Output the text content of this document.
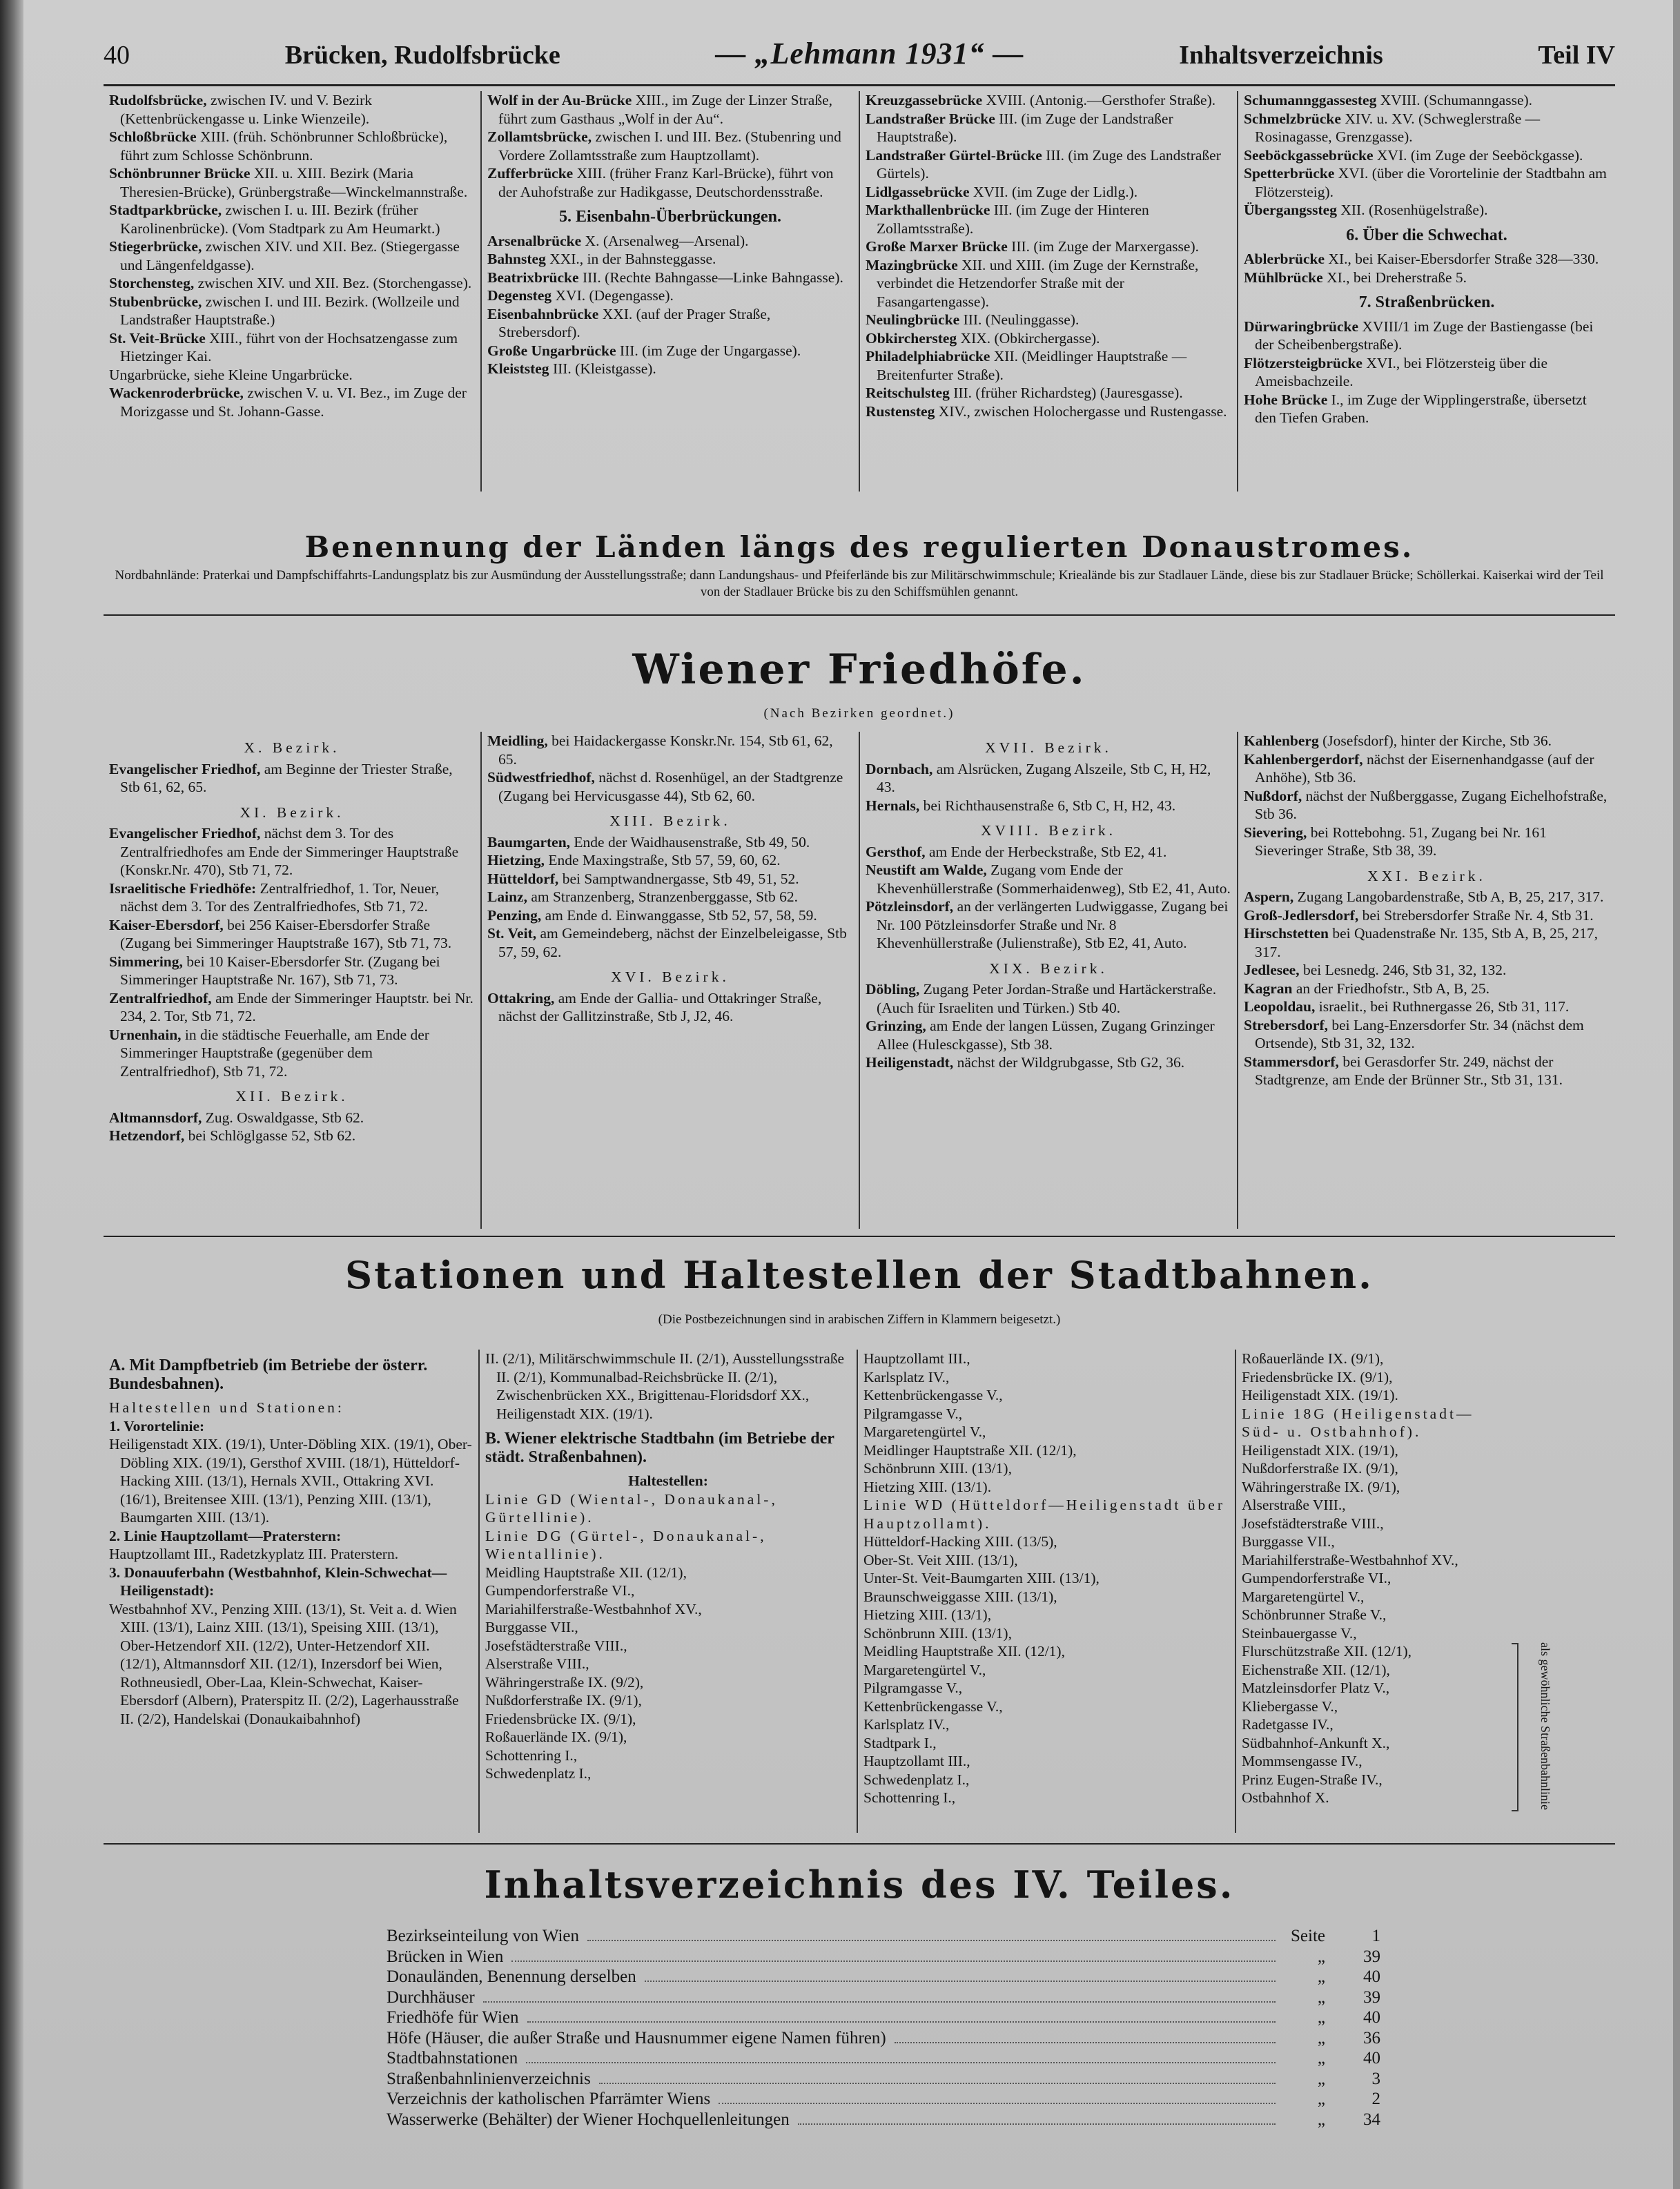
40	Brücken, Rudolfsbrücke	— „Lehmann 1931“ —	Inhaltsverzeichnis	Teil IV

Rudolfsbrücke, zwischen IV. und V. Bezirk (Kettenbrückengasse u. Linke Wienzeile).

Schloßbrücke XIII. (früh. Schönbrunner Schloßbrücke), führt zum Schlosse Schönbrunn.

Schönbrunner Brücke XII. u. XIII. Bezirk (Maria Theresien-Brücke), Grünbergstraße—Winckelmannstraße.

Stadtparkbrücke, zwischen I. u. III. Bezirk (früher Karolinenbrücke). (Vom Stadtpark zu Am Heumarkt.)

Stiegerbrücke, zwischen XIV. und XII. Bez. (Stiegergasse und Längenfeldgasse).

Storchensteg, zwischen XIV. und XII. Bez. (Storchengasse).

Stubenbrücke, zwischen I. und III. Bezirk. (Wollzeile und Landstraßer Hauptstraße.)

St. Veit-Brücke XIII., führt von der Hochsatzengasse zum Hietzinger Kai.

Ungarbrücke, siehe Kleine Ungarbrücke.

Wackenroderbrücke, zwischen V. u. VI. Bez., im Zuge der Morizgasse und St. Johann-Gasse.

Wolf in der Au-Brücke XIII., im Zuge der Linzer Straße, führt zum Gasthaus „Wolf in der Au“.

Zollamtsbrücke, zwischen I. und III. Bez. (Stubenring und Vordere Zollamtsstraße zum Hauptzollamt).

Zufferbrücke XIII. (früher Franz Karl-Brücke), führt von der Auhofstraße zur Hadikgasse, Deutschordensstraße.

5. Eisenbahn-Überbrückungen.

Arsenalbrücke X. (Arsenalweg—Arsenal).

Bahnsteg XXI., in der Bahnsteggasse.

Beatrixbrücke III. (Rechte Bahngasse—Linke Bahngasse).

Degensteg XVI. (Degengasse).

Eisenbahnbrücke XXI. (auf der Prager Straße, Strebersdorf).

Große Ungarbrücke III. (im Zuge der Ungargasse).

Kleiststeg III. (Kleistgasse).

Kreuzgassebrücke XVIII. (Antonig.—Gersthofer Straße).

Landstraßer Brücke III. (im Zuge der Landstraßer Hauptstraße).

Landstraßer Gürtel-Brücke III. (im Zuge des Landstraßer Gürtels).

Lidlgassebrücke XVII. (im Zuge der Lidlg.).

Markthallenbrücke III. (im Zuge der Hinteren Zollamtsstraße).

Große Marxer Brücke III. (im Zuge der Marxergasse).

Mazingbrücke XII. und XIII. (im Zuge der Kernstraße, verbindet die Hetzendorfer Straße mit der Fasangartengasse).

Neulingbrücke III. (Neulinggasse).

Obkirchersteg XIX. (Obkirchergasse).

Philadelphiabrücke XII. (Meidlinger Hauptstraße — Breitenfurter Straße).

Reitschulsteg III. (früher Richardsteg) (Jauresgasse).

Rustensteg XIV., zwischen Holochergasse und Rustengasse.

Schumannggassesteg XVIII. (Schumanngasse).

Schmelzbrücke XIV. u. XV. (Schweglerstraße —Rosinagasse, Grenzgasse).

Seeböckgassebrücke XVI. (im Zuge der Seeböckgasse).

Spetterbrücke XVI. (über die Vorortelinie der Stadtbahn am Flötzersteig).

Übergangssteg XII. (Rosenhügelstraße).

6. Über die Schwechat.

Ablerbrücke XI., bei Kaiser-Ebersdorfer Straße 328—330.

Mühlbrücke XI., bei Dreherstraße 5.

7. Straßenbrücken.

Dürwaringbrücke XVIII/1 im Zuge der Bastiengasse (bei der Scheibenbergstraße).

Flötzersteigbrücke XVI., bei Flötzersteig über die Ameisbachzeile.

Hohe Brücke I., im Zuge der Wipplingerstraße, übersetzt den Tiefen Graben.

Benennung der Länden längs des regulierten Donaustromes.
Nordbahnlände: Praterkai und Dampfschiffahrts-Landungsplatz bis zur Ausmündung der Ausstellungsstraße; dann Landungshaus- und Pfeiferlände bis zur Militärschwimmschule; Kriealände bis zur Stadlauer Lände, diese bis zur Stadlauer Brücke; Schöllerkai. Kaiserkai wird der Teil von der Stadlauer Brücke bis zu den Schiffsmühlen genannt.
Wiener Friedhöfe.
(Nach Bezirken geordnet.)
X. Bezirk.

Evangelischer Friedhof, am Beginne der Triester Straße, Stb 61, 62, 65.

XI. Bezirk.

Evangelischer Friedhof, nächst dem 3. Tor des Zentralfriedhofes am Ende der Simmeringer Hauptstraße (Konskr.Nr. 470), Stb 71, 72.

Israelitische Friedhöfe: Zentralfriedhof, 1. Tor, Neuer, nächst dem 3. Tor des Zentralfriedhofes, Stb 71, 72.

Kaiser-Ebersdorf, bei 256 Kaiser-Ebersdorfer Straße (Zugang bei Simmeringer Hauptstraße 167), Stb 71, 73.

Simmering, bei 10 Kaiser-Ebersdorfer Str. (Zugang bei Simmeringer Hauptstraße Nr. 167), Stb 71, 73.

Zentralfriedhof, am Ende der Simmeringer Hauptstr. bei Nr. 234, 2. Tor, Stb 71, 72.

Urnenhain, in die städtische Feuerhalle, am Ende der Simmeringer Hauptstraße (gegenüber dem Zentralfriedhof), Stb 71, 72.

XII. Bezirk.

Altmannsdorf, Zug. Oswaldgasse, Stb 62.

Hetzendorf, bei Schlöglgasse 52, Stb 62.

Meidling, bei Haidackergasse Konskr.Nr. 154, Stb 61, 62, 65.

Südwestfriedhof, nächst d. Rosenhügel, an der Stadtgrenze (Zugang bei Hervicusgasse 44), Stb 62, 60.

XIII. Bezirk.

Baumgarten, Ende der Waidhausenstraße, Stb 49, 50.

Hietzing, Ende Maxingstraße, Stb 57, 59, 60, 62.

Hütteldorf, bei Samptwandnergasse, Stb 49, 51, 52.

Lainz, am Stranzenberg, Stranzenberggasse, Stb 62.

Penzing, am Ende d. Einwanggasse, Stb 52, 57, 58, 59.

St. Veit, am Gemeindeberg, nächst der Einzelbeleigasse, Stb 57, 59, 62.

XVI. Bezirk.

Ottakring, am Ende der Gallia- und Ottakringer Straße, nächst der Gallitzinstraße, Stb J, J2, 46.

XVII. Bezirk.

Dornbach, am Alsrücken, Zugang Alszeile, Stb C, H, H2, 43.

Hernals, bei Richthausenstraße 6, Stb C, H, H2, 43.

XVIII. Bezirk.

Gersthof, am Ende der Herbeckstraße, Stb E2, 41.

Neustift am Walde, Zugang vom Ende der Khevenhüllerstraße (Sommerhaidenweg), Stb E2, 41, Auto.

Pötzleinsdorf, an der verlängerten Ludwiggasse, Zugang bei Nr. 100 Pötzleinsdorfer Straße und Nr. 8 Khevenhüllerstraße (Julienstraße), Stb E2, 41, Auto.

XIX. Bezirk.

Döbling, Zugang Peter Jordan-Straße und Hartäckerstraße. (Auch für Israeliten und Türken.) Stb 40.

Grinzing, am Ende der langen Lüssen, Zugang Grinzinger Allee (Hulesckgasse), Stb 38.

Heiligenstadt, nächst der Wildgrubgasse, Stb G2, 36.

Kahlenberg (Josefsdorf), hinter der Kirche, Stb 36.

Kahlenbergerdorf, nächst der Eisernenhandgasse (auf der Anhöhe), Stb 36.

Nußdorf, nächst der Nußberggasse, Zugang Eichelhofstraße, Stb 36.

Sievering, bei Rottebohng. 51, Zugang bei Nr. 161 Sieveringer Straße, Stb 38, 39.

XXI. Bezirk.

Aspern, Zugang Langobardenstraße, Stb A, B, 25, 217, 317.

Groß-Jedlersdorf, bei Strebersdorfer Straße Nr. 4, Stb 31.

Hirschstetten bei Quadenstraße Nr. 135, Stb A, B, 25, 217, 317.

Jedlesee, bei Lesnedg. 246, Stb 31, 32, 132.

Kagran an der Friedhofstr., Stb A, B, 25.

Leopoldau, israelit., bei Ruthnergasse 26, Stb 31, 117.

Strebersdorf, bei Lang-Enzersdorfer Str. 34 (nächst dem Ortsende), Stb 31, 32, 132.

Stammersdorf, bei Gerasdorfer Str. 249, nächst der Stadtgrenze, am Ende der Brünner Str., Stb 31, 131.

Stationen und Haltestellen der Stadtbahnen.
(Die Postbezeichnungen sind in arabischen Ziffern in Klammern beigesetzt.)
A. Mit Dampfbetrieb (im Betriebe der österr. Bundesbahnen).
Haltestellen und Stationen:

1. Vorortelinie:

Heiligenstadt XIX. (19/1), Unter-Döbling XIX. (19/1), Ober-Döbling XIX. (19/1), Gersthof XVIII. (18/1), Hütteldorf-Hacking XIII. (13/1), Hernals XVII., Ottakring XVI. (16/1), Breitensee XIII. (13/1), Penzing XIII. (13/1), Baumgarten XIII. (13/1).

2. Linie Hauptzollamt—Praterstern:

Hauptzollamt III., Radetzkyplatz III. Praterstern.

3. Donauuferbahn (Westbahnhof, Klein-Schwechat—Heiligenstadt):

Westbahnhof XV., Penzing XIII. (13/1), St. Veit a. d. Wien XIII. (13/1), Lainz XIII. (13/1), Speising XIII. (13/1), Ober-Hetzendorf XII. (12/2), Unter-Hetzendorf XII. (12/1), Altmannsdorf XII. (12/1), Inzersdorf bei Wien, Rothneusiedl, Ober-Laa, Klein-Schwechat, Kaiser-Ebersdorf (Albern), Praterspitz II. (2/2), Lagerhausstraße II. (2/2), Handelskai (Donaukaibahnhof)

II. (2/1), Militärschwimmschule II. (2/1), Ausstellungsstraße II. (2/1), Kommunalbad-Reichsbrücke II. (2/1), Zwischenbrücken XX., Brigittenau-Floridsdorf XX., Heiligenstadt XIX. (19/1).

B. Wiener elektrische Stadtbahn (im Betriebe der städt. Straßenbahnen).
Haltestellen:
Linie GD (Wiental-, Donaukanal-, Gürtellinie).
Linie DG (Gürtel-, Donaukanal-, Wientallinie).

Meidling Hauptstraße XII. (12/1),

Gumpendorferstraße VI.,

Mariahilferstraße-Westbahnhof XV.,

Burggasse VII.,

Josefstädterstraße VIII.,

Alserstraße VIII.,

Währingerstraße IX. (9/2),

Nußdorferstraße IX. (9/1),

Friedensbrücke IX. (9/1),

Roßauerlände IX. (9/1),

Schottenring I.,

Schwedenplatz I.,

Hauptzollamt III.,

Karlsplatz IV.,

Kettenbrückengasse V.,

Pilgramgasse V.,

Margaretengürtel V.,

Meidlinger Hauptstraße XII. (12/1),

Schönbrunn XIII. (13/1),

Hietzing XIII. (13/1).

Linie WD (Hütteldorf—Heiligenstadt über Hauptzollamt).

Hütteldorf-Hacking XIII. (13/5),

Ober-St. Veit XIII. (13/1),

Unter-St. Veit-Baumgarten XIII. (13/1),

Braunschweiggasse XIII. (13/1),

Hietzing XIII. (13/1),

Schönbrunn XIII. (13/1),

Meidling Hauptstraße XII. (12/1),

Margaretengürtel V.,

Pilgramgasse V.,

Kettenbrückengasse V.,

Karlsplatz IV.,

Stadtpark I.,

Hauptzollamt III.,

Schwedenplatz I.,

Schottenring I.,

Roßauerlände IX. (9/1),

Friedensbrücke IX. (9/1),

Heiligenstadt XIX. (19/1).

Linie 18G (Heiligenstadt—Süd- u. Ostbahnhof).

Heiligenstadt XIX. (19/1),

Nußdorferstraße IX. (9/1),

Währingerstraße IX. (9/1),

Alserstraße VIII.,

Josefstädterstraße VIII.,

Burggasse VII.,

Mariahilferstraße-Westbahnhof XV.,

Gumpendorferstraße VI.,

Margaretengürtel V.,

Schönbrunner Straße V.,

Steinbauergasse V.,

Flurschützstraße XII. (12/1),

Eichenstraße XII. (12/1),

Matzleinsdorfer Platz V.,

Kliebergasse V.,

Radetgasse IV.,

Südbahnhof-Ankunft X.,

Mommsengasse IV.,

Prinz Eugen-Straße IV.,

Ostbahnhof X.	als gewöhnliche Straßenbahnlinie
Inhaltsverzeichnis des IV. Teiles.
Bezirkseinteilung von Wien	Seite	1
Brücken in Wien	„	39
Donauländen, Benennung derselben	„	40
Durchhäuser	„	39
Friedhöfe für Wien	„	40
Höfe (Häuser, die außer Straße und Hausnummer eigene Namen führen)	„	36
Stadtbahnstationen	„	40
Straßenbahnlinienverzeichnis	„	3
Verzeichnis der katholischen Pfarrämter Wiens	„	2
Wasserwerke (Behälter) der Wiener Hochquellenleitungen	„	34
